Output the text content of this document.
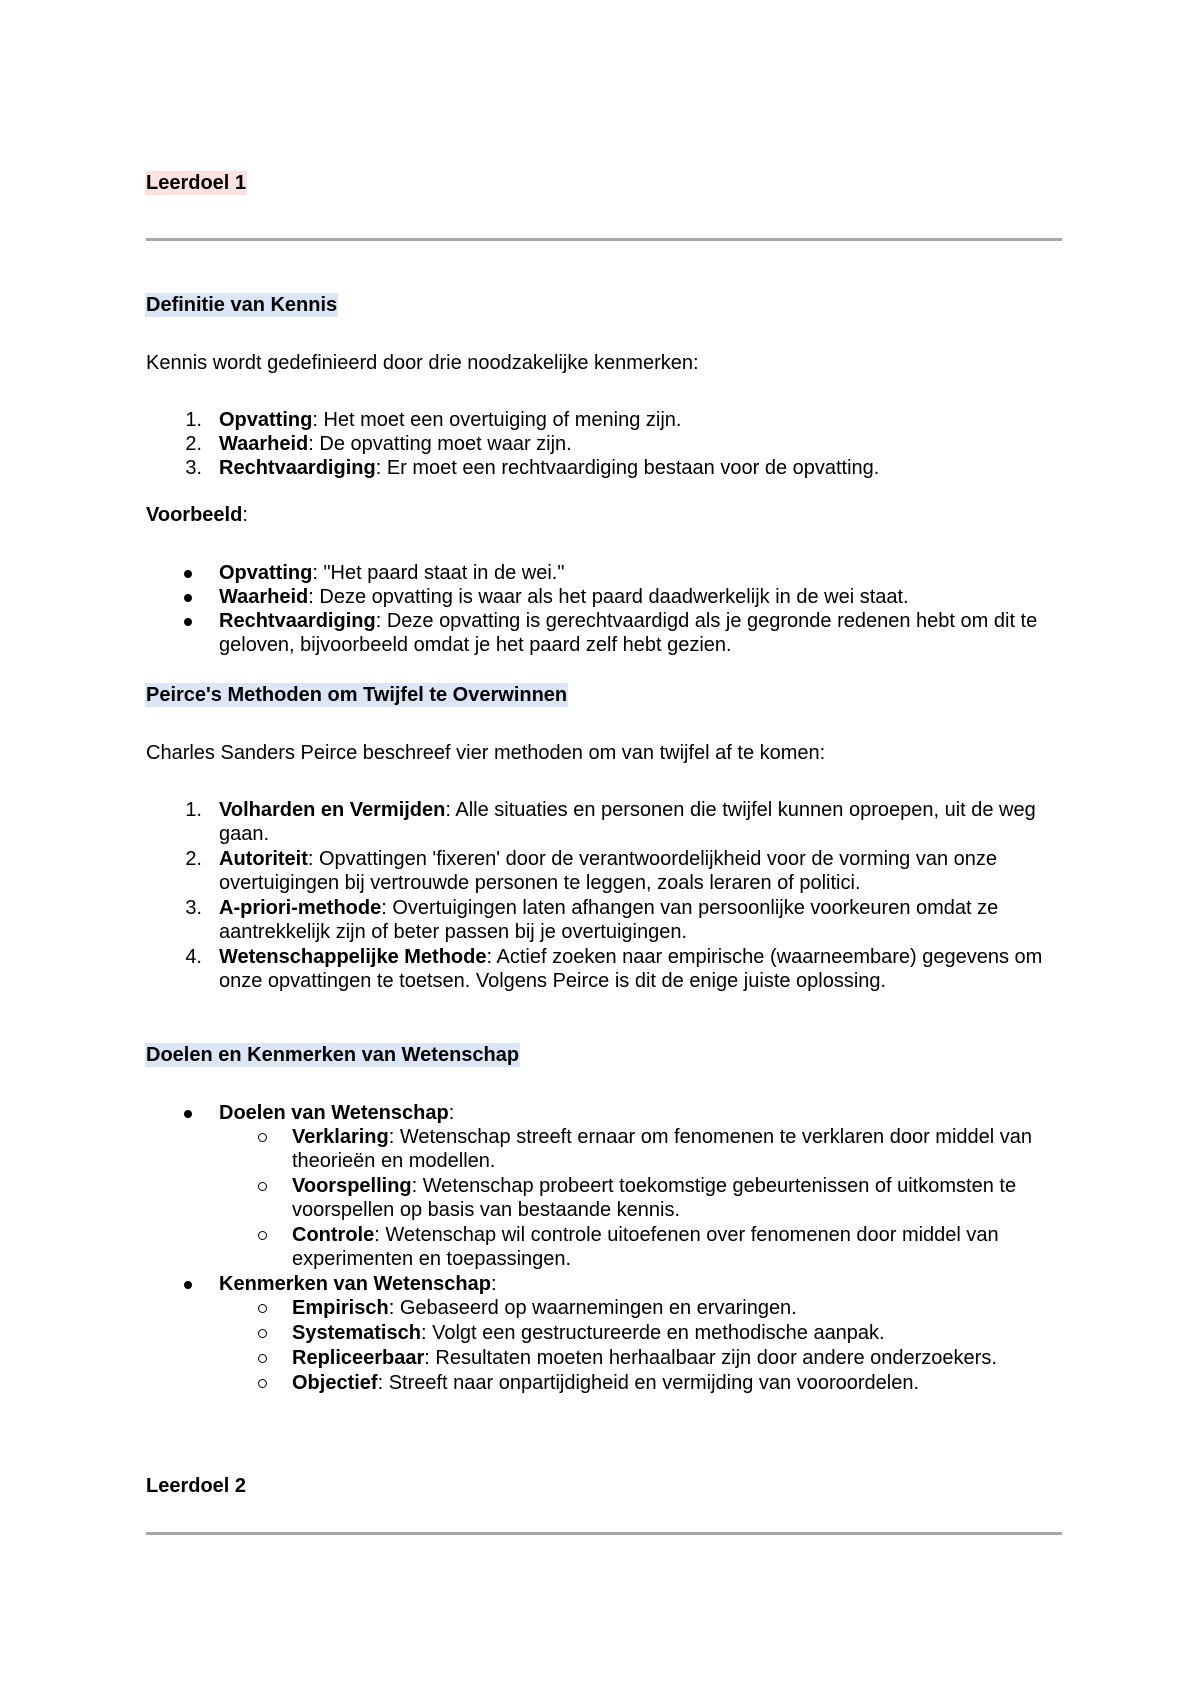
Leerdoel 1
Definitie van Kennis
Kennis wordt gedefinieerd door drie noodzakelijke kenmerken:
1. Opvatting: Het moet een overtuiging of mening zijn.
2. Waarheid: De opvatting moet waar zijn.
3. Rechtvaardiging: Er moet een rechtvaardiging bestaan voor de opvatting.
Voorbeeld:
Opvatting: "Het paard staat in de wei."
Waarheid: Deze opvatting is waar als het paard daadwerkelijk in de wei staat.
Rechtvaardiging: Deze opvatting is gerechtvaardigd als je gegronde redenen hebt om dit te geloven, bijvoorbeeld omdat je het paard zelf hebt gezien.
Peirce's Methoden om Twijfel te Overwinnen
Charles Sanders Peirce beschreef vier methoden om van twijfel af te komen:
1. Volharden en Vermijden: Alle situaties en personen die twijfel kunnen oproepen, uit de weg gaan.
2. Autoriteit: Opvattingen 'fixeren' door de verantwoordelijkheid voor de vorming van onze overtuigingen bij vertrouwde personen te leggen, zoals leraren of politici.
3. A-priori-methode: Overtuigingen laten afhangen van persoonlijke voorkeuren omdat ze aantrekkelijk zijn of beter passen bij je overtuigingen.
4. Wetenschappelijke Methode: Actief zoeken naar empirische (waarneembare) gegevens om onze opvattingen te toetsen. Volgens Peirce is dit de enige juiste oplossing.
Doelen en Kenmerken van Wetenschap
Doelen van Wetenschap:
Verklaring: Wetenschap streeft ernaar om fenomenen te verklaren door middel van theorieën en modellen.
Voorspelling: Wetenschap probeert toekomstige gebeurtenissen of uitkomsten te voorspellen op basis van bestaande kennis.
Controle: Wetenschap wil controle uitoefenen over fenomenen door middel van experimenten en toepassingen.
Kenmerken van Wetenschap:
Empirisch: Gebaseerd op waarnemingen en ervaringen.
Systematisch: Volgt een gestructureerde en methodische aanpak.
Repliceerbaar: Resultaten moeten herhaalbaar zijn door andere onderzoekers.
Objectief: Streeft naar onpartijdigheid en vermijding van vooroordelen.
Leerdoel 2
